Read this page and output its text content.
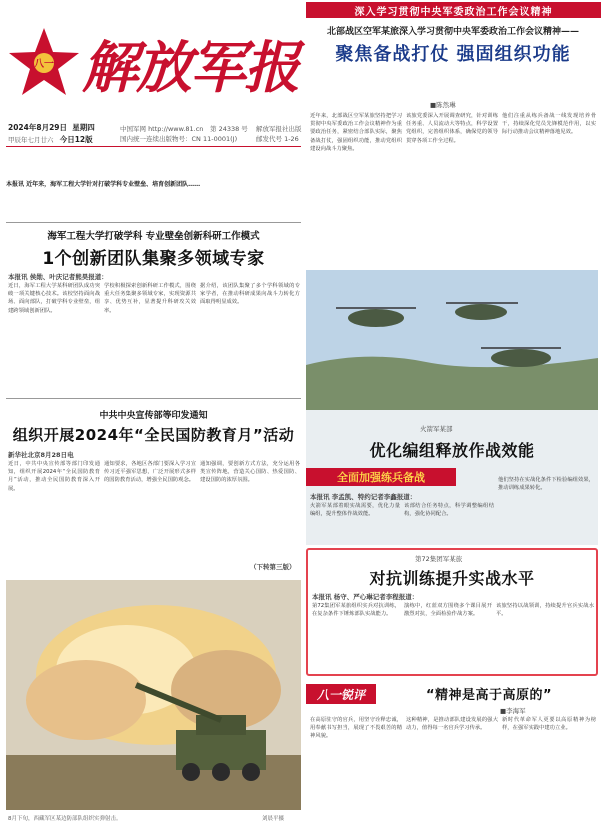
深入学习贯彻中央军委政治工作会议精神
八一 解放军报
2024年8月29日 星期四
甲辰年七月廿六 今日12版
中国军网 http://www.81.cn 第 24338 号 解放军报社出版
国内统一连续出版物号：CN 11-0001(J)	邮发代号 1-26
北部战区空军某旅深入学习贯彻中央军委政治工作会议精神——
聚焦备战打仗 强固组织功能
■陈然琳
近年来，北部战区空军某旅坚持把学习贯彻中央军委政治工作会议精神作为重要政治任务，紧密结合部队实际，聚焦备战打仗，强固组织功能，推动党组织建设向战斗力聚焦。
该旅党委深入开展调查研究，针对训练任务重、人员流动大等特点，科学设置党组织，完善组织体系，确保党的领导贯穿各项工作全过程。
他们注重从练兵备战一线发现培养骨干，持续深化党员先锋模范作用，以实际行动推动会议精神落地见效。
本报讯 近年来，海军工程大学针对打破学科专业壁垒、培育创新团队……
海军工程大学打破学科 专业壁垒创新科研工作模式
1个创新团队集聚多领域专家
本报讯 侯勋、叶庆记者熊昊报道：
近日，海军工程大学某科研团队成功突破一项关键核心技术。该校坚持面向战场、面向部队，打破学科专业壁垒，组建跨领域创新团队。
学校积极探索创新科研工作模式，围绕重大任务集聚多领域专家，实现资源共享、优势互补，显著提升科研攻关效率。
据介绍，该团队集聚了多个学科领域的专家学者，在推动科研成果向战斗力转化方面取得明显成效。
中共中央宣传部等印发通知
组织开展2024年“全民国防教育月”活动
新华社北京8月28日电
近日，中共中央宣传部等部门印发通知，组织开展2024年“全民国防教育月”活动，推动全民国防教育深入开展。
通知要求，各地区各部门要深入学习宣传习近平强军思想，广泛开展形式多样的国防教育活动，增强全民国防观念。
通知强调，要创新方式方法，充分运用各类宣传阵地，营造关心国防、热爱国防、建设国防的浓厚氛围。
（下转第三版）
8月下旬，西藏军区某边防部队组织实弹射击。	刘晨平摄
火箭军某部
优化编组释放作战效能
全面加强练兵备战
本报讯 李孟凯、特约记者李鑫报道：
火箭军某部着眼实战需要，优化力量编组，提升整体作战效能。
该部结合任务特点，科学调整编组结构，强化协同配合。
他们坚持在实战化条件下检验编组效果，推动训练成果转化。
第72集团军某旅
对抗训练提升实战水平
本报讯 杨守、严心琳记者李程报道：
第72集团军某旅组织实兵对抗训练，在复杂条件下锤炼部队实战能力。
演练中，红蓝双方围绕多个课目展开激烈对抗，全面检验作战方案。
该旅坚持以战领训，持续提升官兵实战水平。
八一锐评	“精神是高于高原的”
■李海军
在高原驻守的官兵，用坚守诠释忠诚，用奉献书写担当，展现了不畏艰苦的精神风貌。
这种精神，是推动部队建设发展的强大动力，值得每一名官兵学习传承。
新时代革命军人更要以高原精神为榜样，在强军实践中建功立业。
